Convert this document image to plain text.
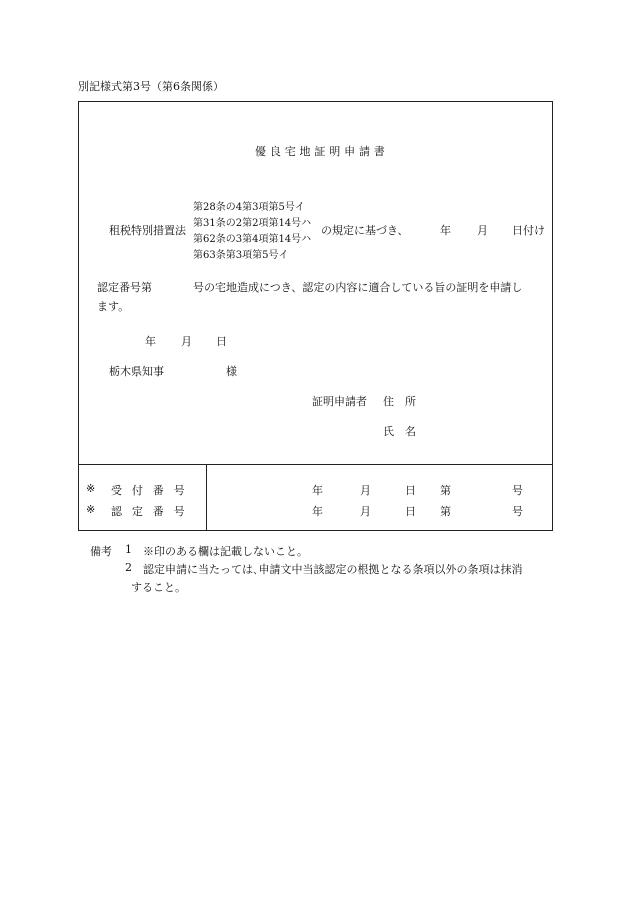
別記様式第3号（第6条関係）
優良宅地証明申請書
租税特別措置法
第28条の4第3項第5号イ
第31条の2第2項第14号ハ
第62条の3第4項第14号ハ
第63条第3項第5号イ
の規定に基づき、	年 月 日付け
認定番号第	号の宅地造成につき、認定の内容に適合している旨の証明を申請し
ます。
年 月 日
栃木県知事	様
証明申請者 住　所
氏　名
※ 受付番号	年	月	日 第	号
※ 認定番号	年	月	日 第	号
備考 1 ※印のある欄は記載しないこと。
2 認定申請に当たっては､申請文中当該認定の根拠となる条項以外の条項は抹消
すること。
